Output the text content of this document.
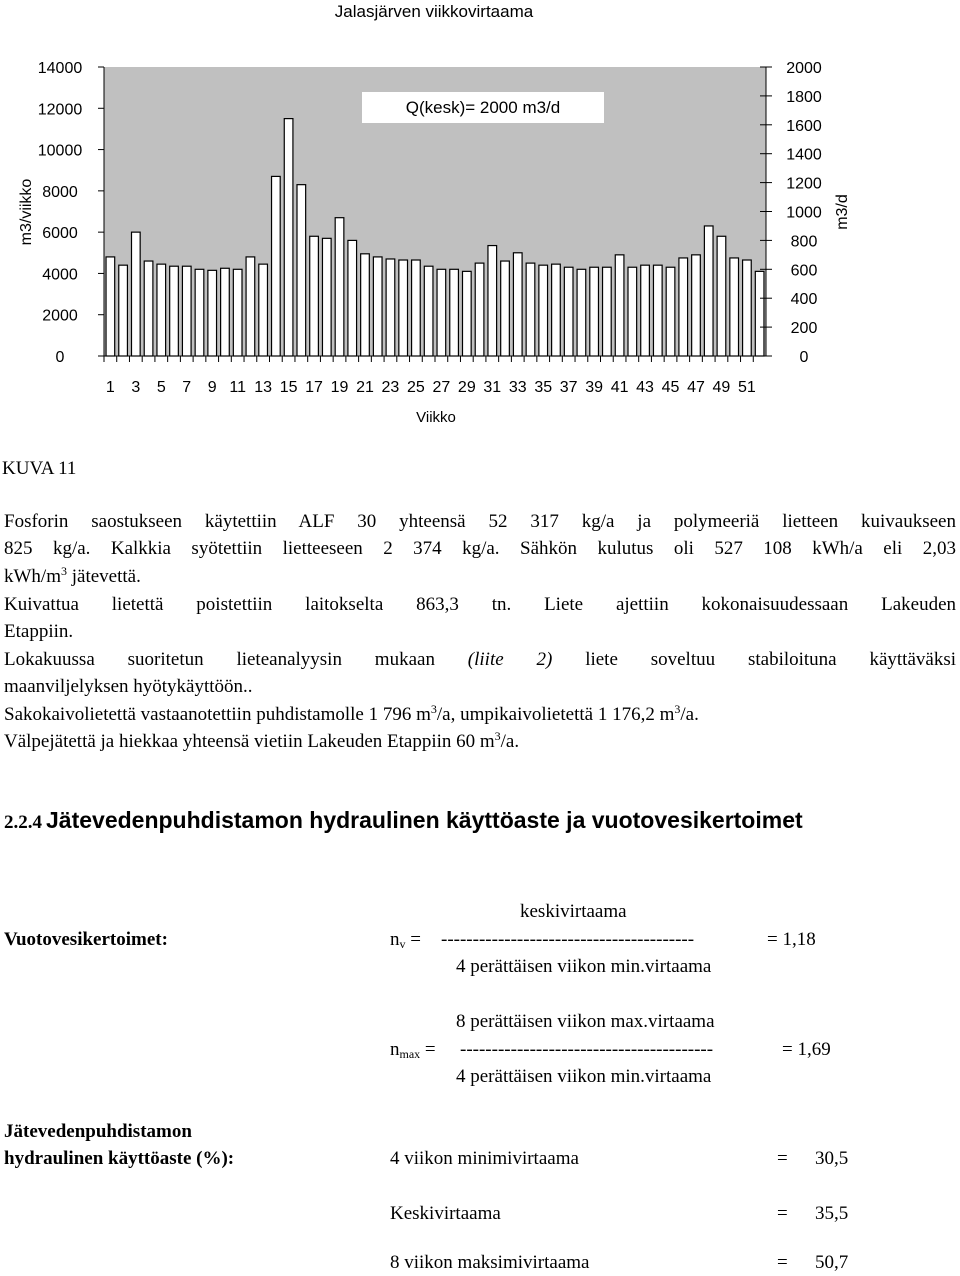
Jalasjärven viikkovirtaama
0
2000
4000
6000
8000
10000
12000
14000
0
200
400
600
800
1000
1200
1400
1600
1800
2000
1 3 5 7 9 11 13 15 17 19 21 23 25 27 29 31 33 35 37 39 41 43 45 47 49 51
Q(kesk)= 2000 m3/d
Viikko
m3/viikko	m3/d
KUVA 11
Fosforin saostukseen käytettiin ALF 30 yhteensä 52 317 kg/a ja polymeeriä lietteen kuivaukseen
825 kg/a. Kalkkia syötettiin lietteeseen 2 374 kg/a. Sähkön kulutus oli 527 108 kWh/a eli 2,03
kWh/$m^3$ jätevettä.
Kuivattua lietettä poistettiin laitokselta 863,3 tn. Liete ajettiin kokonaisuudessaan Lakeuden
Etappiin.
Lokakuussa suoritetun lieteanalyysin mukaan (liite 2) liete soveltuu stabiloituna käyttäväksi
maanviljelyksen hyötykäyttöön..
Sakokaivolietettä vastaanotettiin puhdistamolle 1 796 $m^3/a$, umpikaivolietettä 1 176,2 $m^3/a$.
Välpejätettä ja hiekkaa yhteensä vietiin Lakeuden Etappiin 60 $m^3/a$.
2.2.4 Jätevedenpuhdistamon hydraulinen käyttöaste ja vuotovesikertoimet
keskivirtaama
Vuotovesikertoimet:	$n_v$ = ----------------------------------------	= 1,18
4 perättäisen viikon min.virtaama
8 perättäisen viikon max.virtaama
$n_{max}$ = ----------------------------------------	= 1,69
4 perättäisen viikon min.virtaama
Jätevedenpuhdistamon
hydraulinen käyttöaste (%):	4 viikon minimivirtaama	= 30,5
Keskivirtaama	= 35,5
8 viikon maksimivirtaama	= 50,7
